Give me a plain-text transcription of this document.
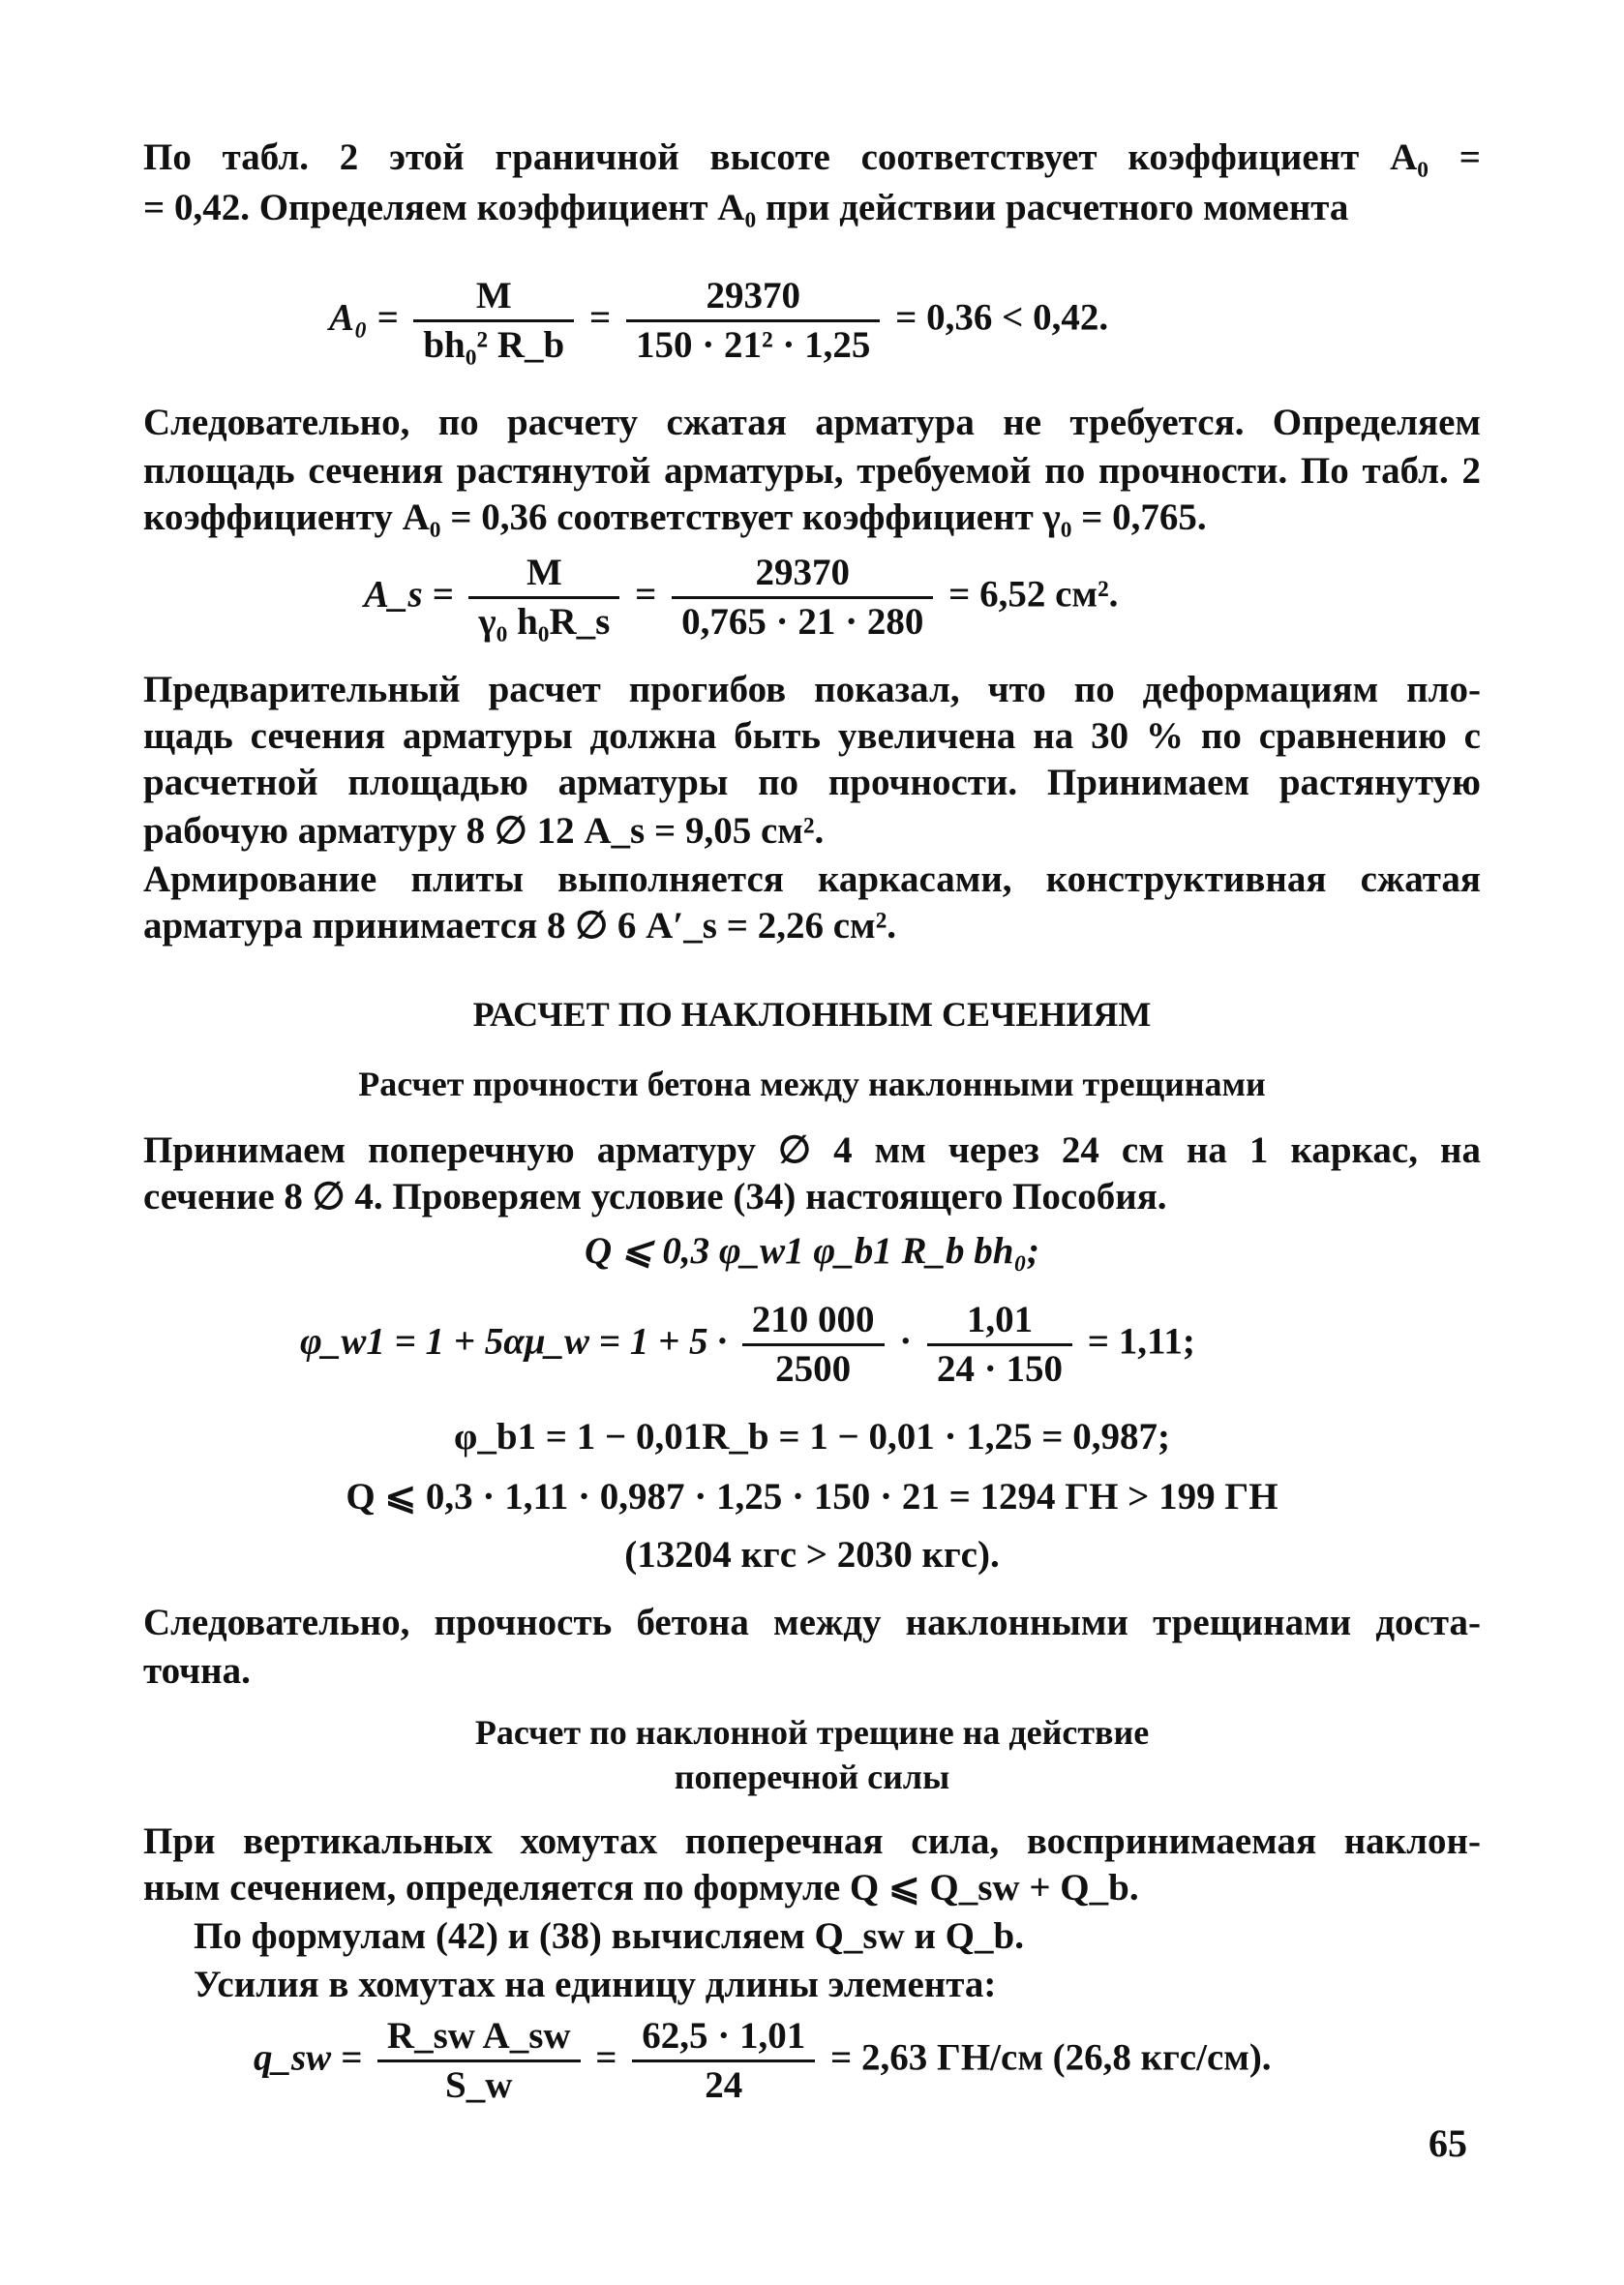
По табл. 2 этой граничной высоте соответствует коэффициент A₀ =
= 0,42. Определяем коэффициент A₀ при действии расчетного момента
$A_0 = \frac{M}{\text{bh₀² R\_b}} = \frac{29370}{\text{150 · 21² · 1,25}} = 0,36 < 0,42$.
Следовательно, по расчету сжатая арматура не требуется. Определяем
площадь сечения растянутой арматуры, требуемой по прочности. По табл. 2
коэффициенту A₀ = 0,36 соответствует коэффициент γ₀ = 0,765.
A_s = $\frac{M}{\text{γ₀ h₀R\_s}} = \frac{29370}{0,765 \cdot 21 \cdot 280} = 6,52$ см².
Предварительный расчет прогибов показал, что по деформациям пло-
щадь сечения арматуры должна быть увеличена на 30 % по сравнению с
расчетной площадью арматуры по прочности. Принимаем растянутую
рабочую арматуру 8 ∅ 12 A_s = 9,05 см².
Армирование плиты выполняется каркасами, конструктивная сжатая
арматура принимается 8 ∅ 6 A′_s = 2,26 см².
РАСЧЕТ ПО НАКЛОННЫМ СЕЧЕНИЯМ
Расчет прочности бетона между наклонными трещинами
Принимаем поперечную арматуру ∅ 4 мм через 24 см на 1 каркас, на
сечение 8 ∅ 4. Проверяем условие (34) настоящего Пособия.
Q ⩽ 0,3 φ_w1 φ_b1 R_b bh₀;
φ_w1 = 1 + 5αμ_w = $1 + 5 \cdot \frac{210 000}{2500} \cdot \frac{1,01}{24 \cdot 150} = 1,11$;
φ_b1 = 1 − 0,01R_b = 1 − 0,01 · 1,25 = 0,987;
Q ⩽ 0,3 · 1,11 · 0,987 · 1,25 · 150 · 21 = 1294 ГН > 199 ГН
(13204 кгс > 2030 кгс).
Следовательно, прочность бетона между наклонными трещинами доста-
точна.
Расчет по наклонной трещине на действие
поперечной силы
При вертикальных хомутах поперечная сила, воспринимаемая наклон-
ным сечением, определяется по формуле Q ⩽ Q_sw + Q_b.
По формулам (42) и (38) вычисляем Q_sw и Q_b.
Усилия в хомутах на единицу длины элемента:
q_sw = $\frac{\text{R\_sw A\_sw}}{S\_w} = \frac{62,5 \cdot 1,01}{24} = 2,63$ ГН/см (26,8 кгс/см).
65
